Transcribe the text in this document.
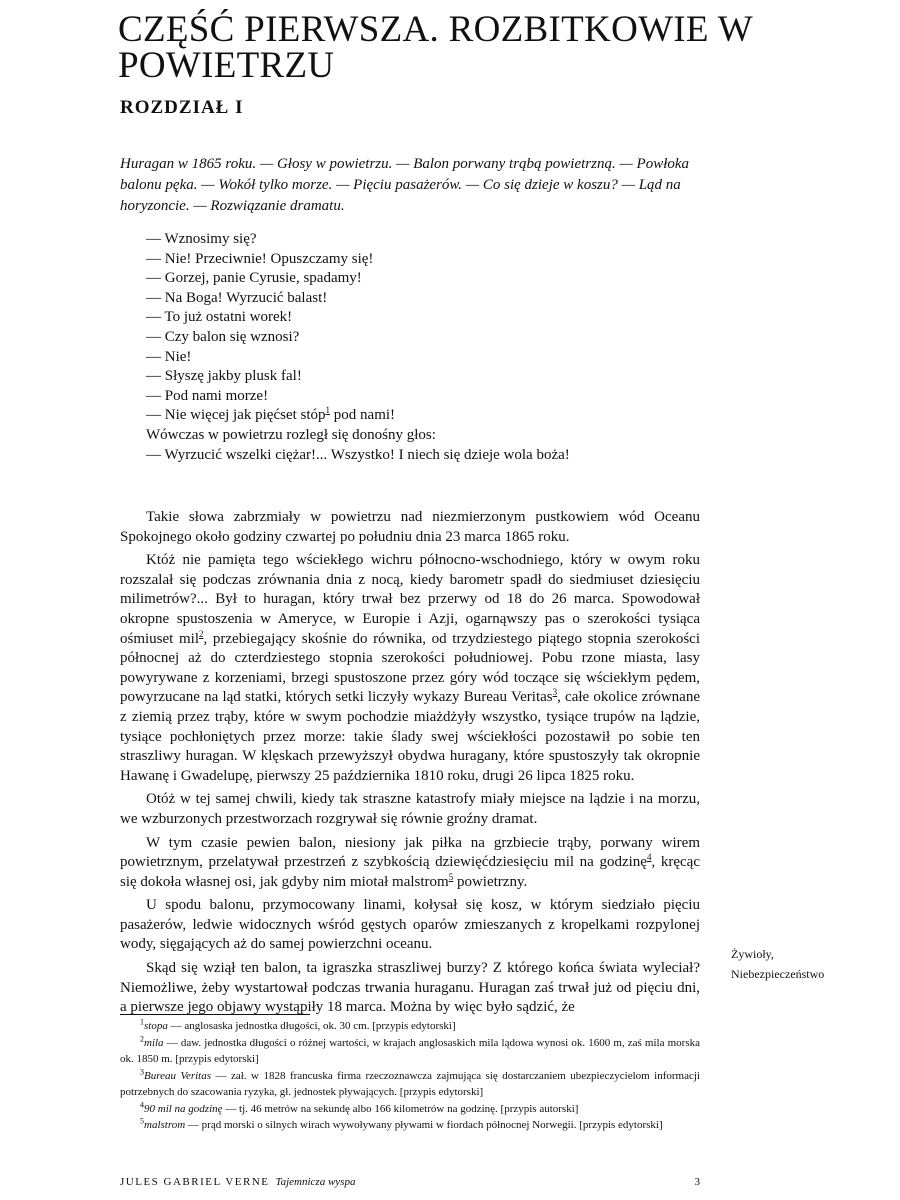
CZĘŚĆ PIERWSZA. ROZBITKOWIE W POWIETRZU
ROZDZIAŁ I

Huragan w 1865 roku. — Głosy w powietrzu. — Balon porwany trąbą powietrzną. — Powłoka balonu pęka. — Wokół tylko morze. — Pięciu pasażerów. — Co się dzieje w koszu? — Ląd na horyzoncie. — Rozwiązanie dramatu.

— Wznosimy się?
— Nie! Przeciwnie! Opuszczamy się!
— Gorzej, panie Cyrusie, spadamy!
— Na Boga! Wyrzucić balast!
— To już ostatni worek!
— Czy balon się wznosi?
— Nie!
— Słyszę jakby plusk fal!
— Pod nami morze!
— Nie więcej jak pięćset stóp$^1$ pod nami!
Wówczas w powietrzu rozległ się donośny głos:
— Wyrzucić wszelki ciężar!... Wszystko! I niech się dzieje wola boża!

Takie słowa zabrzmiały w powietrzu nad niezmierzonym pustkowiem wód Oceanu Spokojnego około godziny czwartej po południu dnia 23 marca 1865 roku.

Któż nie pamięta tego wściekłego wichru północno-wschodniego, który w owym roku rozszalał się podczas zrównania dnia z nocą, kiedy barometr spadł do siedmiuset dziesięciu milimetrów?... Był to huragan, który trwał bez przerwy od 18 do 26 marca. Spowodował okropne spustoszenia w Ameryce, w Europie i Azji, ogarnąwszy pas o szerokości tysiąca ośmiuset mil$^2$, przebiegający skośnie do równika, od trzydziestego piątego stopnia szerokości północnej aż do czterdziestego stopnia szerokości południowej. Pobu rzone miasta, lasy powyrywane z korzeniami, brzegi spustoszone przez góry wód toczące się wściekłym pędem, powyrzucane na ląd statki, których setki liczyły wykazy Bureau Veritas$^3$, całe okolice zrównane z ziemią przez trąby, które w swym pochodzie miażdżyły wszystko, tysiące trupów na lądzie, tysiące pochłoniętych przez morze: takie ślady swej wściekłości pozostawił po sobie ten straszliwy huragan. W klęskach przewyższył obydwa huragany, które spustoszyły tak okropnie Hawanę i Gwadelupę, pierwszy 25 października 1810 roku, drugi 26 lipca 1825 roku.

Otóż w tej samej chwili, kiedy tak straszne katastrofy miały miejsce na lądzie i na morzu, we wzburzonych przestworzach rozgrywał się równie groźny dramat.

W tym czasie pewien balon, niesiony jak piłka na grzbiecie trąby, porwany wirem powietrznym, przelatywał przestrzeń z szybkością dziewięćdziesięciu mil na godzinę$^4$, kręcąc się dokoła własnej osi, jak gdyby nim miotał malstrom$^5$ powietrzny.

U spodu balonu, przymocowany linami, kołysał się kosz, w którym siedziało pięciu pasażerów, ledwie widocznych wśród gęstych oparów zmieszanych z kropelkami rozpylonej wody, sięgających aż do samej powierzchni oceanu.

Skąd się wziął ten balon, ta igraszka straszliwej burzy? Z którego końca świata wyleciał? Niemożliwe, żeby wystartował podczas trwania huraganu. Huragan zaś trwał już od pięciu dni, a pierwsze jego objawy wystąpiły 18 marca. Można by więc było sądzić, że

Żywioły,
Niebezpieczeństwo

$^1$stopa — anglosaska jednostka długości, ok. 30 cm. [przypis edytorski]

$^2$mila — daw. jednostka długości o różnej wartości, w krajach anglosaskich mila lądowa wynosi ok. 1600 m, zaś mila morska ok. 1850 m. [przypis edytorski]

$^3$Bureau Veritas — zał. w 1828 francuska firma rzeczoznawcza zajmująca się dostarczaniem ubezpieczycielom informacji potrzebnych do szacowania ryzyka, gł. jednostek pływających. [przypis edytorski]

$^4$90 mil na godzinę — tj. 46 metrów na sekundę albo 166 kilometrów na godzinę. [przypis autorski]

$^5$malstrom — prąd morski o silnych wirach wywoływany pływami w fiordach północnej Norwegii. [przypis edytorski]

JULES GABRIEL VERNE Tajemnicza wyspa	3
